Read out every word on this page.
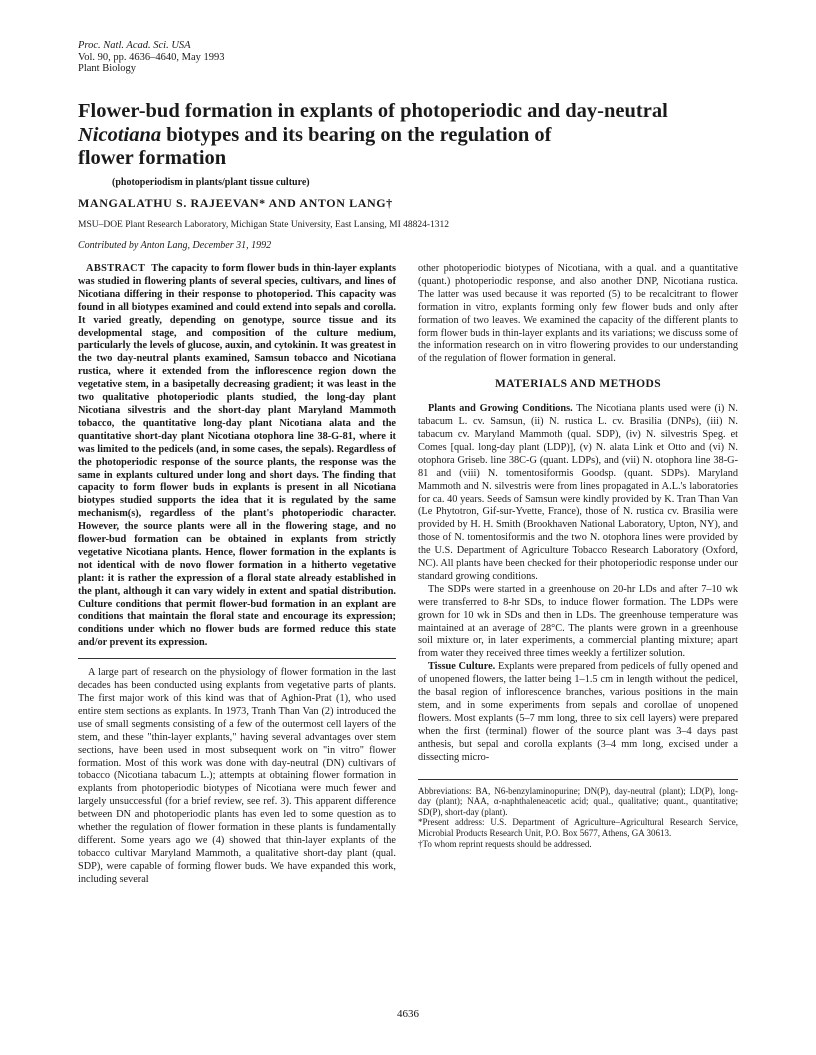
Proc. Natl. Acad. Sci. USA
Vol. 90, pp. 4636–4640, May 1993
Plant Biology
Flower-bud formation in explants of photoperiodic and day-neutral
Nicotiana biotypes and its bearing on the regulation of
flower formation
(photoperiodism in plants/plant tissue culture)
MANGALATHU S. RAJEEVAN* AND ANTON LANG†
MSU–DOE Plant Research Laboratory, Michigan State University, East Lansing, MI 48824-1312
Contributed by Anton Lang, December 31, 1992

ABSTRACT The capacity to form flower buds in thin-layer explants was studied in flowering plants of several species, cultivars, and lines of Nicotiana differing in their response to photoperiod. This capacity was found in all biotypes examined and could extend into sepals and corolla. It varied greatly, depending on genotype, source tissue and its developmental stage, and composition of the culture medium, particularly the levels of glucose, auxin, and cytokinin. It was greatest in the two day-neutral plants examined, Samsun tobacco and Nicotiana rustica, where it extended from the inflorescence region down the vegetative stem, in a basipetally decreasing gradient; it was least in the two qualitative photoperiodic plants studied, the long-day plant Nicotiana silvestris and the short-day plant Maryland Mammoth tobacco, the quantitative long-day plant Nicotiana alata and the quantitative short-day plant Nicotiana otophora line 38-G-81, where it was limited to the pedicels (and, in some cases, the sepals). Regardless of the photoperiodic response of the source plants, the response was the same in explants cultured under long and short days. The finding that capacity to form flower buds in explants is present in all Nicotiana biotypes studied supports the idea that it is regulated by the same mechanism(s), regardless of the plant's photoperiodic character. However, the source plants were all in the flowering stage, and no flower-bud formation can be obtained in explants from strictly vegetative Nicotiana plants. Hence, flower formation in the explants is not identical with de novo flower formation in a hitherto vegetative plant: it is rather the expression of a floral state already established in the plant, although it can vary widely in extent and spatial distribution. Culture conditions that permit flower-bud formation in an explant are conditions that maintain the floral state and encourage its expression; conditions under which no flower buds are formed reduce this state and/or prevent its expression.

A large part of research on the physiology of flower formation in the last decades has been conducted using explants from vegetative parts of plants. The first major work of this kind was that of Aghion-Prat (1), who used entire stem sections as explants. In 1973, Tranh Than Van (2) introduced the use of small segments consisting of a few of the outermost cell layers of the stem, and these "thin-layer explants," having several advantages over stem sections, have been used in most subsequent work on "in vitro" flower formation. Most of this work was done with day-neutral (DN) cultivars of tobacco (Nicotiana tabacum L.); attempts at obtaining flower formation in explants from photoperiodic biotypes of Nicotiana were much fewer and largely unsuccessful (for a brief review, see ref. 3). This apparent difference between DN and photoperiodic plants has even led to some question as to whether the regulation of flower formation in these plants is fundamentally different. Some years ago we (4) showed that thin-layer explants of the tobacco cultivar Maryland Mammoth, a qualitative short-day plant (qual. SDP), were capable of forming flower buds. We have expanded this work, including several

other photoperiodic biotypes of Nicotiana, with a qual. and a quantitative (quant.) photoperiodic response, and also another DNP, Nicotiana rustica. The latter was used because it was reported (5) to be recalcitrant to flower formation in vitro, explants forming only few flower buds and only after formation of two leaves. We examined the capacity of the different plants to form flower buds in thin-layer explants and its variations; we discuss some of the information research on in vitro flowering provides to our understanding of the regulation of flower formation in general.

MATERIALS AND METHODS

Plants and Growing Conditions. The Nicotiana plants used were (i) N. tabacum L. cv. Samsun, (ii) N. rustica L. cv. Brasilia (DNPs), (iii) N. tabacum cv. Maryland Mammoth (qual. SDP), (iv) N. silvestris Speg. et Comes [qual. long-day plant (LDP)], (v) N. alata Link et Otto and (vi) N. otophora Griseb. line 38C-G (quant. LDPs), and (vii) N. otophora line 38-G-81 and (viii) N. tomentosiformis Goodsp. (quant. SDPs). Maryland Mammoth and N. silvestris were from lines propagated in A.L.'s laboratories for ca. 40 years. Seeds of Samsun were kindly provided by K. Tran Than Van (Le Phytotron, Gif-sur-Yvette, France), those of N. rustica cv. Brasilia were provided by H. H. Smith (Brookhaven National Laboratory, Upton, NY), and those of N. tomentosiformis and the two N. otophora lines were provided by the U.S. Department of Agriculture Tobacco Research Laboratory (Oxford, NC). All plants have been checked for their photoperiodic response under our standard growing conditions.

The SDPs were started in a greenhouse on 20-hr LDs and after 7–10 wk were transferred to 8-hr SDs, to induce flower formation. The LDPs were grown for 10 wk in SDs and then in LDs. The greenhouse temperature was maintained at an average of 28°C. The plants were grown in a greenhouse soil mixture or, in later experiments, a commercial planting mixture; apart from water they received three times weekly a fertilizer solution.

Tissue Culture. Explants were prepared from pedicels of fully opened and of unopened flowers, the latter being 1–1.5 cm in length without the pedicel, the basal region of inflorescence branches, various positions in the main stem, and in some experiments from sepals and corollae of unopened flowers. Most explants (5–7 mm long, three to six cell layers) were prepared when the first (terminal) flower of the source plant was 3–4 days past anthesis, but sepal and corolla explants (3–4 mm long, excised under a dissecting micro-

Abbreviations: BA, N6-benzylaminopurine; DN(P), day-neutral (plant); LD(P), long-day (plant); NAA, α-naphthaleneacetic acid; qual., qualitative; quant., quantitative; SD(P), short-day (plant).
*Present address: U.S. Department of Agriculture–Agricultural Research Service, Microbial Products Research Unit, P.O. Box 5677, Athens, GA 30613.
†To whom reprint requests should be addressed.
4636
